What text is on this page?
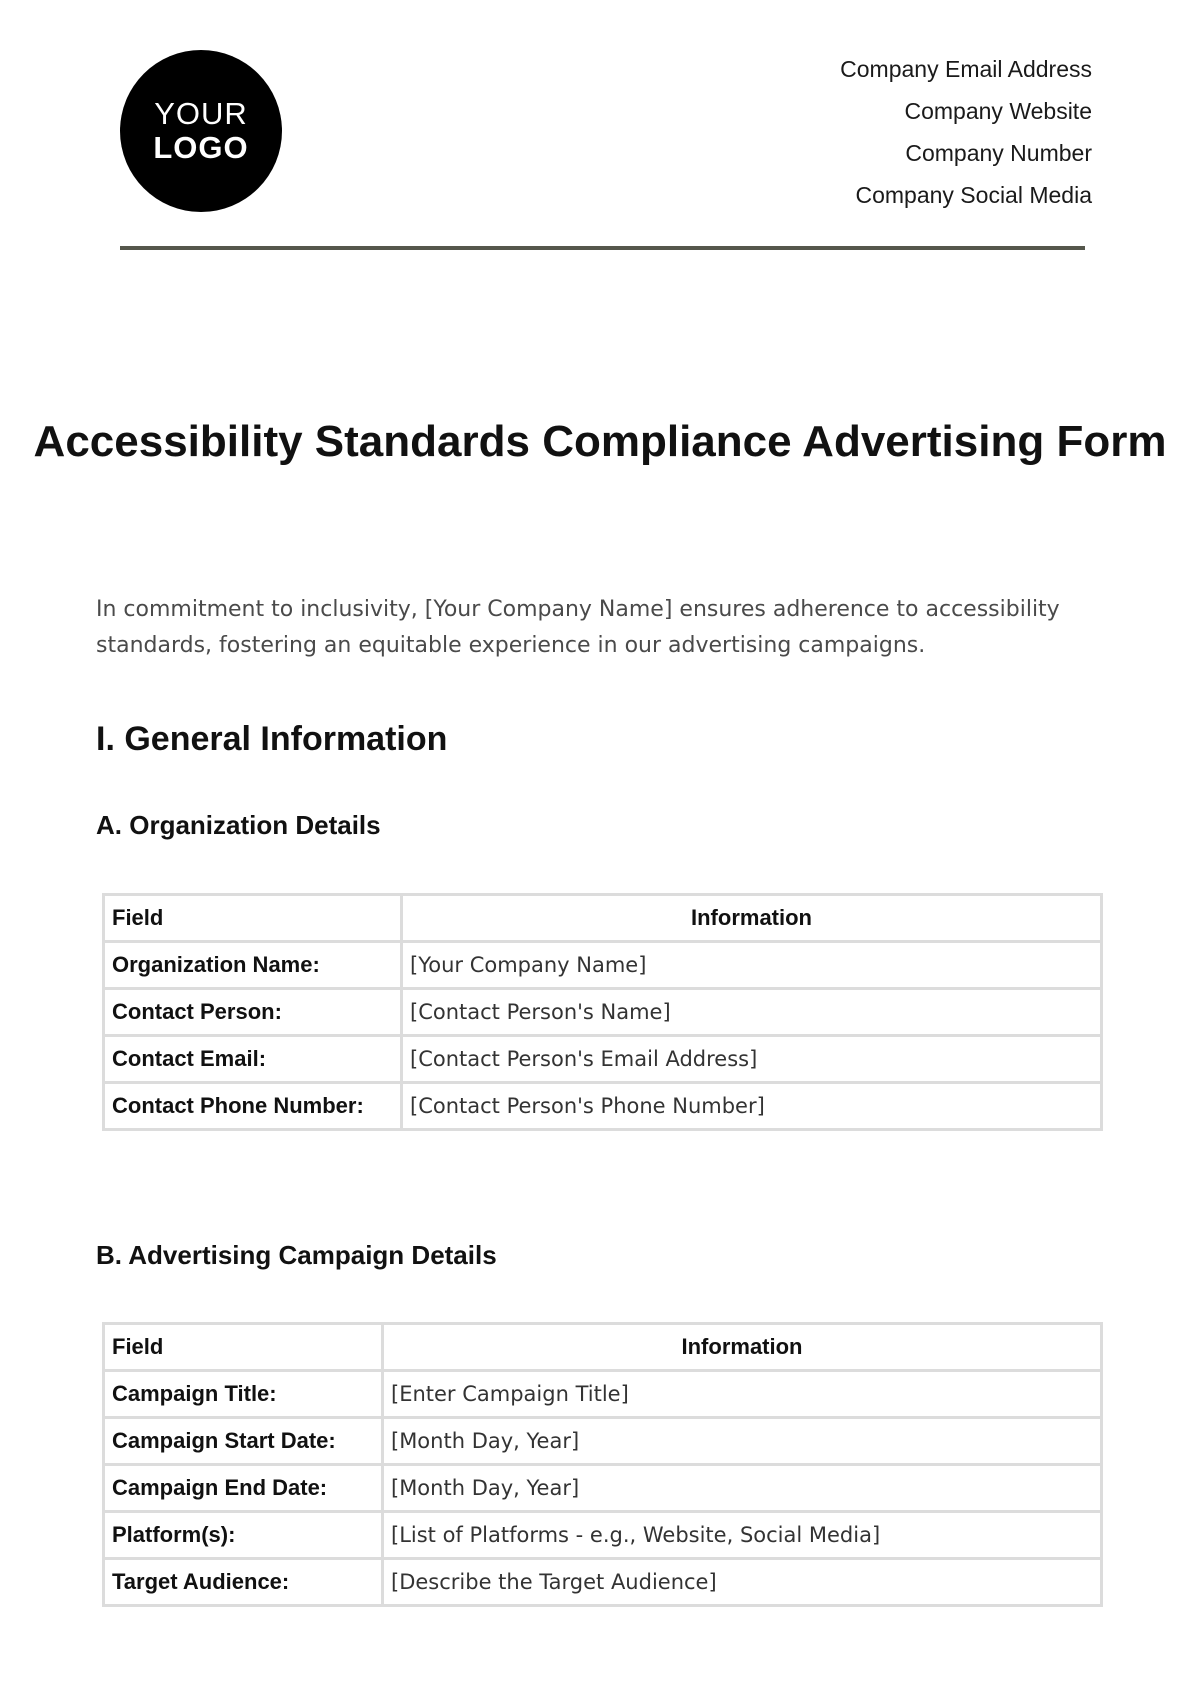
YOUR
LOGO
Company Email Address
Company Website
Company Number
Company Social Media
Accessibility Standards Compliance Advertising Form
In commitment to inclusivity, [Your Company Name] ensures adherence to accessibility standards, fostering an equitable experience in our advertising campaigns.
I. General Information
A. Organization Details
Field	Information
Organization Name:	[Your Company Name]
Contact Person:	[Contact Person's Name]
Contact Email:	[Contact Person's Email Address]
Contact Phone Number:	[Contact Person's Phone Number]
B. Advertising Campaign Details
Field	Information
Campaign Title:	[Enter Campaign Title]
Campaign Start Date:	[Month Day, Year]
Campaign End Date:	[Month Day, Year]
Platform(s):	[List of Platforms - e.g., Website, Social Media]
Target Audience:	[Describe the Target Audience]
